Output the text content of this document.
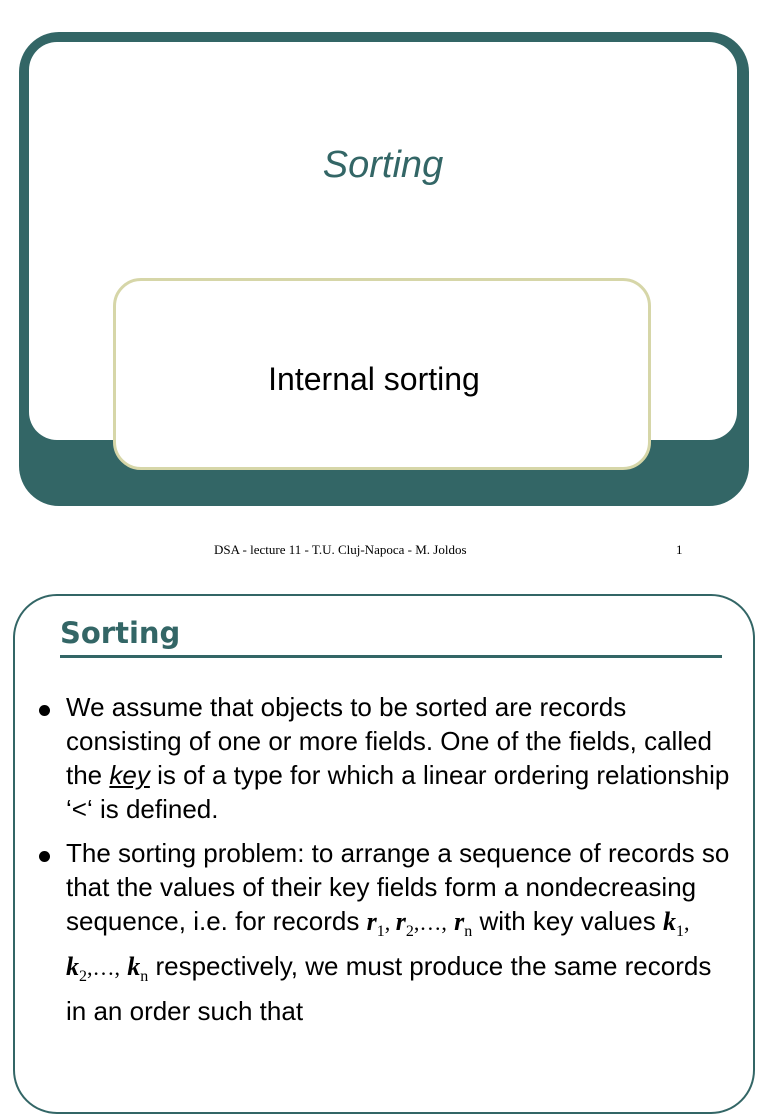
Sorting
Internal sorting
DSA - lecture 11 - T.U. Cluj-Napoca - M. Joldos	1
Sorting
We assume that objects to be sorted are records consisting of one or more fields. One of the fields, called the key is of a type for which a linear ordering relationship ‘<‘ is defined.
The sorting problem: to arrange a sequence of records so that the values of their key fields form a nondecreasing sequence, i.e. for records $r_1$, $r_2,\dots$, $r_n$ with key values $k_1$, $k_2,\dots$, $k_n$ respectively, we must produce the same records in an order such that
